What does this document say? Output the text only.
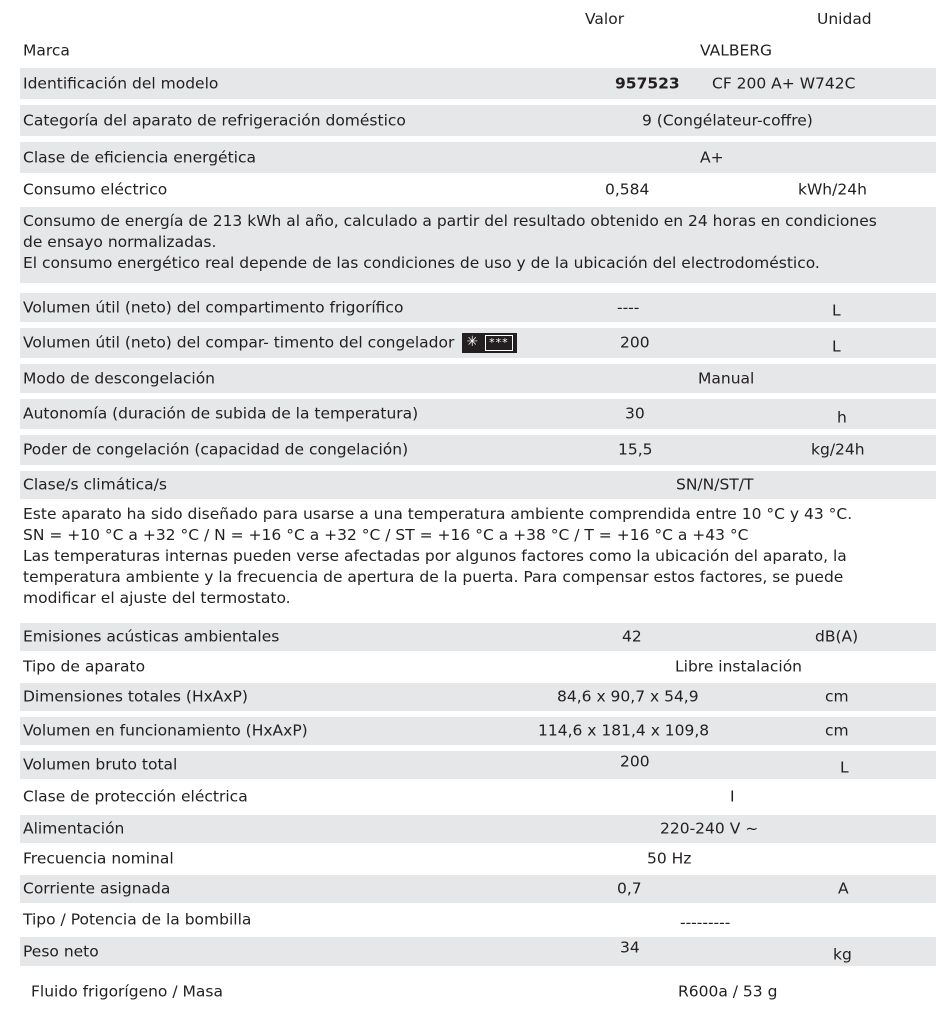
Valor	Unidad
Marca	VALBERG
Identificación del modelo	957523 CF 200 A+ W742C
Categoría del aparato de refrigeración doméstico	9 (Congélateur-coffre)
Clase de eficiencia energética	A+
Consumo eléctrico	0,584	kWh/24h

Consumo de energía de 213 kWh al año, calculado a partir del resultado obtenido en 24 horas en condiciones

de ensayo normalizadas.

El consumo energético real depende de las condiciones de uso y de la ubicación del electrodoméstico.

Volumen útil (neto) del compartimento frigorífico	----	L
Volumen útil (neto) del compar- timento del congelador ✳ ***	200	L
Modo de descongelación	Manual
Autonomía (duración de subida de la temperatura)	30	h
Poder de congelación (capacidad de congelación)	15,5	kg/24h
Clase/s climática/s	SN/N/ST/T

Este aparato ha sido diseñado para usarse a una temperatura ambiente comprendida entre 10 °C y 43 °C.

SN = +10 °C a +32 °C / N = +16 °C a +32 °C / ST = +16 °C a +38 °C / T = +16 °C a +43 °C

Las temperaturas internas pueden verse afectadas por algunos factores como la ubicación del aparato, la

temperatura ambiente y la frecuencia de apertura de la puerta. Para compensar estos factores, se puede

modificar el ajuste del termostato.

Emisiones acústicas ambientales	42	dB(A)
Tipo de aparato	Libre instalación
Dimensiones totales (HxAxP)	84,6 x 90,7 x 54,9	cm
Volumen en funcionamiento (HxAxP)	114,6 x 181,4 x 109,8	cm
Volumen bruto total	200	L
Clase de protección eléctrica	I
Alimentación	220-240 V ~
Frecuencia nominal	50 Hz
Corriente asignada	0,7	A
Tipo / Potencia de la bombilla	---------
Peso neto	34	kg
Fluido frigorígeno / Masa	R600a / 53 g
